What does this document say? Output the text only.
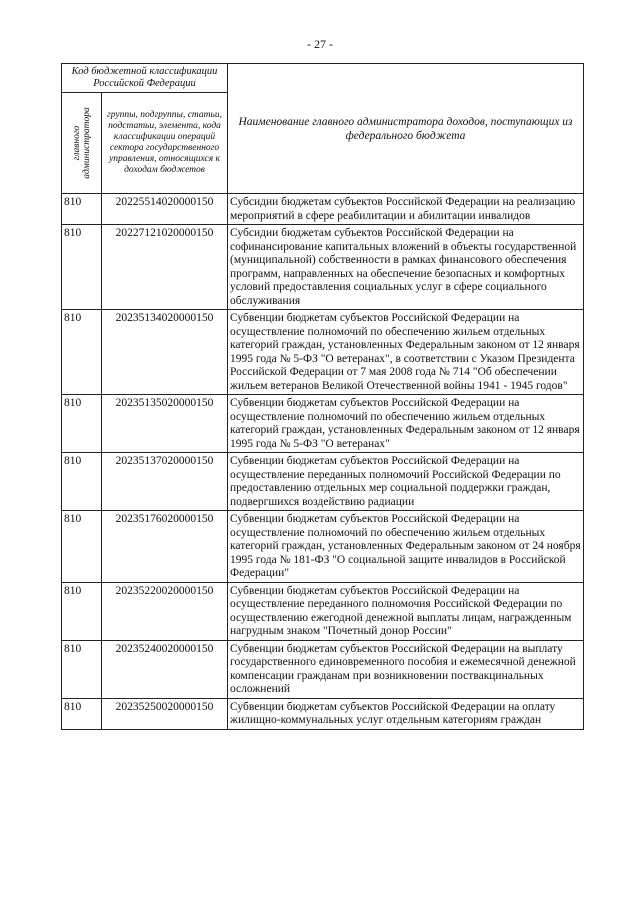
- 27 -
Код бюджетной классификации Российской Федерации		Наименование главного администратора доходов, поступающих из федерального бюджета

главного администратора	группы, подгруппы, статьи, подстатьи, элемента, кода классификации операций сектора государственного управления, относящихся к доходам бюджетов	
810	20225514020000150	Субсидии бюджетам субъектов Российской Федерации на реализацию мероприятий в сфере реабилитации и абилитации инвалидов
810	20227121020000150	Субсидии бюджетам субъектов Российской Федерации на софинансирование капитальных вложений в объекты государственной (муниципальной) собственности в рамках финансового обеспечения программ, направленных на обеспечение безопасных и комфортных условий предоставления социальных услуг в сфере социального обслуживания
810	20235134020000150	Субвенции бюджетам субъектов Российской Федерации на осуществление полномочий по обеспечению жильем отдельных категорий граждан, установленных Федеральным законом от 12 января 1995 года № 5-ФЗ "О ветеранах", в соответствии с Указом Президента Российской Федерации от 7 мая 2008 года № 714 "Об обеспечении жильем ветеранов Великой Отечественной войны 1941 - 1945 годов"
810	20235135020000150	Субвенции бюджетам субъектов Российской Федерации на осуществление полномочий по обеспечению жильем отдельных категорий граждан, установленных Федеральным законом от 12 января 1995 года № 5-ФЗ "О ветеранах"
810	20235137020000150	Субвенции бюджетам субъектов Российской Федерации на осуществление переданных полномочий Российской Федерации по предоставлению отдельных мер социальной поддержки граждан, подвергшихся воздействию радиации
810	20235176020000150	Субвенции бюджетам субъектов Российской Федерации на осуществление полномочий по обеспечению жильем отдельных категорий граждан, установленных Федеральным законом от 24 ноября 1995 года № 181-ФЗ "О социальной защите инвалидов в Российской Федерации"
810	20235220020000150	Субвенции бюджетам субъектов Российской Федерации на осуществление переданного полномочия Российской Федерации по осуществлению ежегодной денежной выплаты лицам, награжденным нагрудным знаком "Почетный донор России"
810	20235240020000150	Субвенции бюджетам субъектов Российской Федерации на выплату государственного единовременного пособия и ежемесячной денежной компенсации гражданам при возникновении поствакцинальных осложнений
810	20235250020000150	Субвенции бюджетам субъектов Российской Федерации на оплату жилищно-коммунальных услуг отдельным категориям граждан
